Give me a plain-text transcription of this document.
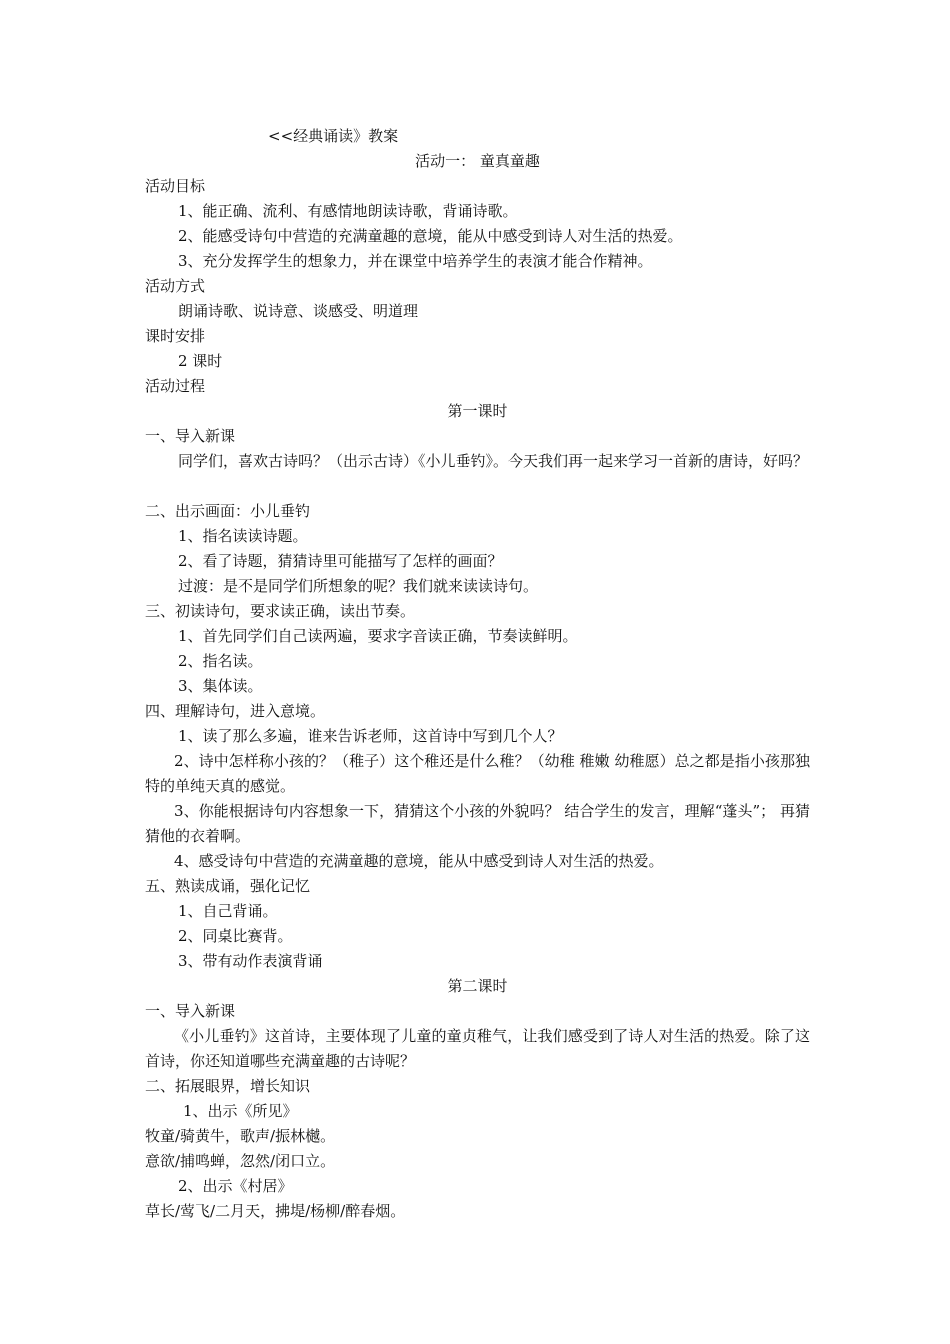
<<经典诵读》教案
活动一： 童真童趣
活动目标
1、能正确、流利、有感情地朗读诗歌，背诵诗歌。
2、能感受诗句中营造的充满童趣的意境，能从中感受到诗人对生活的热爱。
3、充分发挥学生的想象力，并在课堂中培养学生的表演才能合作精神。
活动方式
朗诵诗歌、说诗意、谈感受、明道理
课时安排
2 课时
活动过程
第一课时
一、导入新课
同学们，喜欢古诗吗？（出示古诗）《小儿垂钓》。今天我们再一起来学习一首新的唐诗，好吗？
二、出示画面：小儿垂钓
1、指名读读诗题。
2、看了诗题，猜猜诗里可能描写了怎样的画面？
过渡：是不是同学们所想象的呢？我们就来读读诗句。
三、初读诗句，要求读正确，读出节奏。
1、首先同学们自己读两遍，要求字音读正确，节奏读鲜明。
2、指名读。
3、集体读。
四、理解诗句，进入意境。
1、读了那么多遍，谁来告诉老师，这首诗中写到几个人？
2、诗中怎样称小孩的？（稚子）这个稚还是什么稚？（幼稚 稚嫩 幼稚愿）总之都是指小孩那独特的单纯天真的感觉。
3、你能根据诗句内容想象一下，猜猜这个小孩的外貌吗？ 结合学生的发言，理解“蓬头”； 再猜猜他的衣着啊。
4、感受诗句中营造的充满童趣的意境，能从中感受到诗人对生活的热爱。
五、熟读成诵，强化记忆
1、自己背诵。
2、同桌比赛背。
3、带有动作表演背诵
第二课时
一、导入新课
《小儿垂钓》这首诗，主要体现了儿童的童贞稚气，让我们感受到了诗人对生活的热爱。除了这首诗，你还知道哪些充满童趣的古诗呢？
二、拓展眼界，增长知识
1、出示《所见》
牧童/骑黄牛，歌声/振林樾。
意欲/捕鸣蝉，忽然/闭口立。
2、出示《村居》
草长/莺飞/二月天，拂堤/杨柳/醉春烟。
